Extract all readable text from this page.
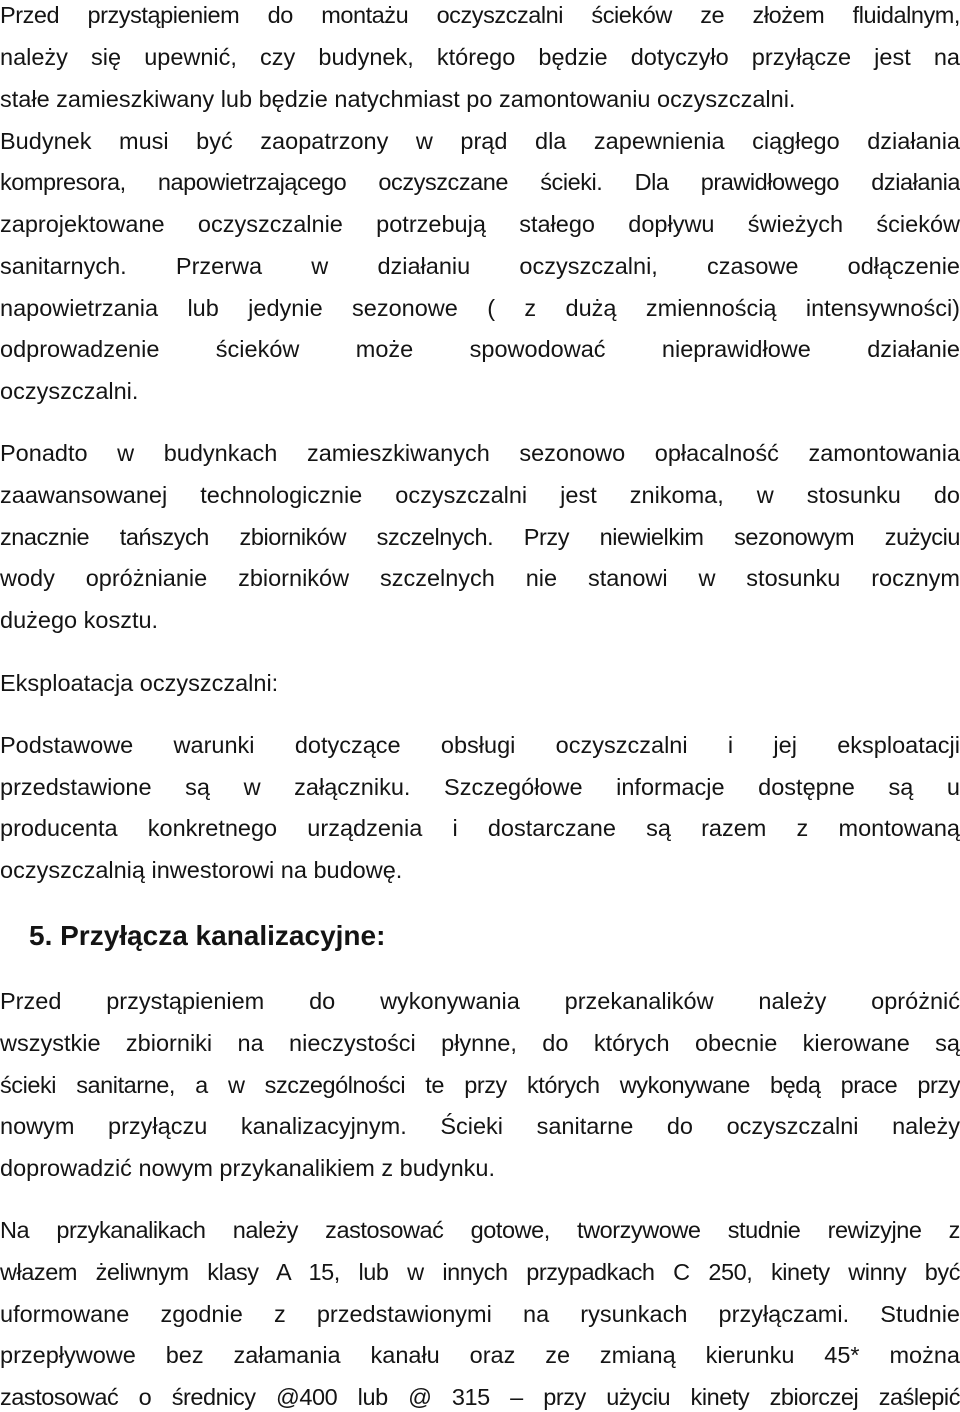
Przed przystąpieniem do montażu oczyszczalni ścieków ze złożem fluidalnym,
należy się upewnić, czy budynek, którego będzie dotyczyło przyłącze jest na
stałe zamieszkiwany lub będzie natychmiast po zamontowaniu oczyszczalni.
Budynek musi być zaopatrzony w prąd dla zapewnienia ciągłego działania
kompresora, napowietrzającego oczyszczane ścieki. Dla prawidłowego działania
zaprojektowane oczyszczalnie potrzebują stałego dopływu świeżych ścieków
sanitarnych. Przerwa w działaniu oczyszczalni, czasowe odłączenie
napowietrzania lub jedynie sezonowe ( z dużą zmiennością intensywności)
odprowadzenie ścieków może spowodować nieprawidłowe działanie
oczyszczalni.
Ponadto w budynkach zamieszkiwanych sezonowo opłacalność zamontowania
zaawansowanej technologicznie oczyszczalni jest znikoma, w stosunku do
znacznie tańszych zbiorników szczelnych. Przy niewielkim sezonowym zużyciu
wody opróżnianie zbiorników szczelnych nie stanowi w stosunku rocznym
dużego kosztu.
Eksploatacja oczyszczalni:
Podstawowe warunki dotyczące obsługi oczyszczalni i jej eksploatacji
przedstawione są w załączniku. Szczegółowe informacje dostępne są u
producenta konkretnego urządzenia i dostarczane są razem z montowaną
oczyszczalnią inwestorowi na budowę.
5. Przyłącza kanalizacyjne:
Przed przystąpieniem do wykonywania przekanalików należy opróżnić
wszystkie zbiorniki na nieczystości płynne, do których obecnie kierowane są
ścieki sanitarne, a w szczególności te przy których wykonywane będą prace przy
nowym przyłączu kanalizacyjnym. Ścieki sanitarne do oczyszczalni należy
doprowadzić nowym przykanalikiem z budynku.
Na przykanalikach należy zastosować gotowe, tworzywowe studnie rewizyjne z
włazem żeliwnym klasy A 15, lub w innych przypadkach C 250, kinety winny być
uformowane zgodnie z przedstawionymi na rysunkach przyłączami. Studnie
przepływowe bez załamania kanału oraz ze zmianą kierunku 45* można
zastosować o średnicy @400 lub @ 315 – przy użyciu kinety zbiorczej zaślepić
